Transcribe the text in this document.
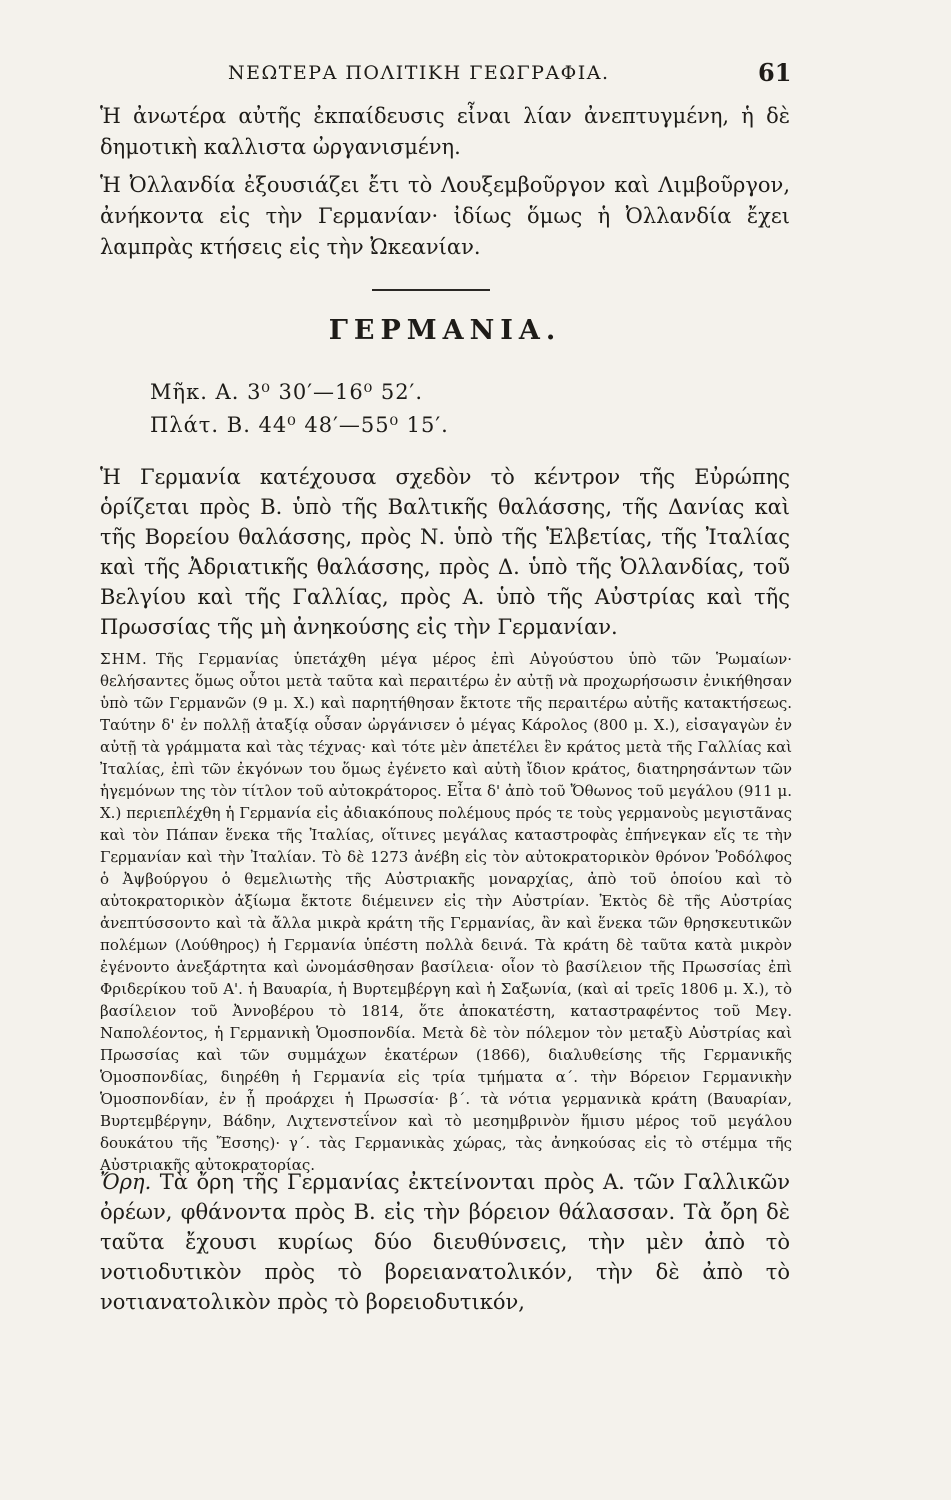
ΝΕΩΤΕΡΑ ΠΟΛΙΤΙΚΗ ΓΕΩΓΡΑΦΙΑ.	61

Ἡ ἀνωτέρα αὐτῆς ἐκπαίδευσις εἶναι λίαν ἀνεπτυγμένη, ἡ δὲ δημοτικὴ καλλιστα ὠργανισμένη.

Ἡ Ὀλλανδία ἐξουσιάζει ἔτι τὸ Λουξεμβοῦργον καὶ Λιμβοῦργον, ἀνήκοντα εἰς τὴν Γερμανίαν· ἰδίως ὅμως ἡ Ὀλλανδία ἔχει λαμπρὰς κτήσεις εἰς τὴν Ὠκεανίαν.

ΓΕΡΜΑΝΙΑ.
Μῆκ. Α. 3⁰ 30′—16⁰ 52′.
Πλάτ. Β. 44⁰ 48′—55⁰ 15′.

Ἡ Γερμανία κατέχουσα σχεδὸν τὸ κέντρον τῆς Εὐρώπης ὁρίζεται πρὸς Β. ὑπὸ τῆς Βαλτικῆς θαλάσσης, τῆς Δανίας καὶ τῆς Βορείου θαλάσσης, πρὸς Ν. ὑπὸ τῆς Ἑλβετίας, τῆς Ἰταλίας καὶ τῆς Ἀδριατικῆς θαλάσσης, πρὸς Δ. ὑπὸ τῆς Ὀλλανδίας, τοῦ Βελγίου καὶ τῆς Γαλλίας, πρὸς Α. ὑπὸ τῆς Αὐστρίας καὶ τῆς Πρωσσίας τῆς μὴ ἀνηκούσης εἰς τὴν Γερμανίαν.

ΣΗΜ. Τῆς Γερμανίας ὑπετάχθη μέγα μέρος ἐπὶ Αὐγούστου ὑπὸ τῶν Ῥωμαίων· θελήσαντες ὅμως οὗτοι μετὰ ταῦτα καὶ περαιτέρω ἐν αὐτῇ νὰ προχωρήσωσιν ἐνικήθησαν ὑπὸ τῶν Γερμανῶν (9 μ. Χ.) καὶ παρητήθησαν ἔκτοτε τῆς περαιτέρω αὐτῆς κατακτήσεως. Ταύτην δ' ἐν πολλῇ ἀταξίᾳ οὖσαν ὠργάνισεν ὁ μέγας Κάρολος (800 μ. Χ.), εἰσαγαγὼν ἐν αὐτῇ τὰ γράμματα καὶ τὰς τέχνας· καὶ τότε μὲν ἀπετέλει ἓν κράτος μετὰ τῆς Γαλλίας καὶ Ἰταλίας, ἐπὶ τῶν ἐκγόνων του ὅμως ἐγένετο καὶ αὐτὴ ἴδιον κράτος, διατηρησάντων τῶν ἡγεμόνων της τὸν τίτλον τοῦ αὐτοκράτορος. Εἶτα δ' ἀπὸ τοῦ Ὄθωνος τοῦ μεγάλου (911 μ. Χ.) περιεπλέχθη ἡ Γερμανία εἰς ἀδιακόπους πολέμους πρός τε τοὺς γερμανοὺς μεγιστᾶνας καὶ τὸν Πάπαν ἕνεκα τῆς Ἰταλίας, οἵτινες μεγάλας καταστροφὰς ἐπήνεγκαν εἴς τε τὴν Γερμανίαν καὶ τὴν Ἰταλίαν. Τὸ δὲ 1273 ἀνέβη εἰς τὸν αὐτοκρατορικὸν θρόνον Ῥοδόλφος ὁ Ἀψβούργου ὁ θεμελιωτὴς τῆς Αὐστριακῆς μοναρχίας, ἀπὸ τοῦ ὁποίου καὶ τὸ αὐτοκρατορικὸν ἀξίωμα ἔκτοτε διέμεινεν εἰς τὴν Αὐστρίαν. Ἐκτὸς δὲ τῆς Αὐστρίας ἀνεπτύσσοντο καὶ τὰ ἄλλα μικρὰ κράτη τῆς Γερμανίας, ἂν καὶ ἕνεκα τῶν θρησκευτικῶν πολέμων (Λούθηρος) ἡ Γερμανία ὑπέστη πολλὰ δεινά. Τὰ κράτη δὲ ταῦτα κατὰ μικρὸν ἐγένοντο ἀνεξάρτητα καὶ ὠνομάσθησαν βασίλεια· οἷον τὸ βασίλειον τῆς Πρωσσίας ἐπὶ Φριδερίκου τοῦ Α'. ἡ Βαυαρία, ἡ Βυρτεμβέργη καὶ ἡ Σαξωνία, (καὶ αἱ τρεῖς 1806 μ. Χ.), τὸ βασίλειον τοῦ Ἀννοβέρου τὸ 1814, ὅτε ἀποκατέστη, καταστραφέντος τοῦ Μεγ. Ναπολέοντος, ἡ Γερμανικὴ Ὁμοσπονδία. Μετὰ δὲ τὸν πόλεμον τὸν μεταξὺ Αὐστρίας καὶ Πρωσσίας καὶ τῶν συμμάχων ἑκατέρων (1866), διαλυθείσης τῆς Γερμανικῆς Ὁμοσπονδίας, διηρέθη ἡ Γερμανία εἰς τρία τμήματα α΄. τὴν Βόρειον Γερμανικὴν Ὁμοσπονδίαν, ἐν ᾗ προάρχει ἡ Πρωσσία· β΄. τὰ νότια γερμανικὰ κράτη (Βαυαρίαν, Βυρτεμβέργην, Βάδην, Λιχτενστεΐνον καὶ τὸ μεσημβρινὸν ἥμισυ μέρος τοῦ μεγάλου δουκάτου τῆς Ἔσσης)· γ΄. τὰς Γερμανικὰς χώρας, τὰς ἀνηκούσας εἰς τὸ στέμμα τῆς Αὐστριακῆς αὐτοκρατορίας.

Ὄρη. Τὰ ὄρη τῆς Γερμανίας ἐκτείνονται πρὸς Α. τῶν Γαλλικῶν ὀρέων, φθάνοντα πρὸς Β. εἰς τὴν βόρειον θάλασσαν. Τὰ ὄρη δὲ ταῦτα ἔχουσι κυρίως δύο διευθύνσεις, τὴν μὲν ἀπὸ τὸ νοτιοδυτικὸν πρὸς τὸ βορειανατολικόν, τὴν δὲ ἀπὸ τὸ νοτιανατολικὸν πρὸς τὸ βορειοδυτικόν,
